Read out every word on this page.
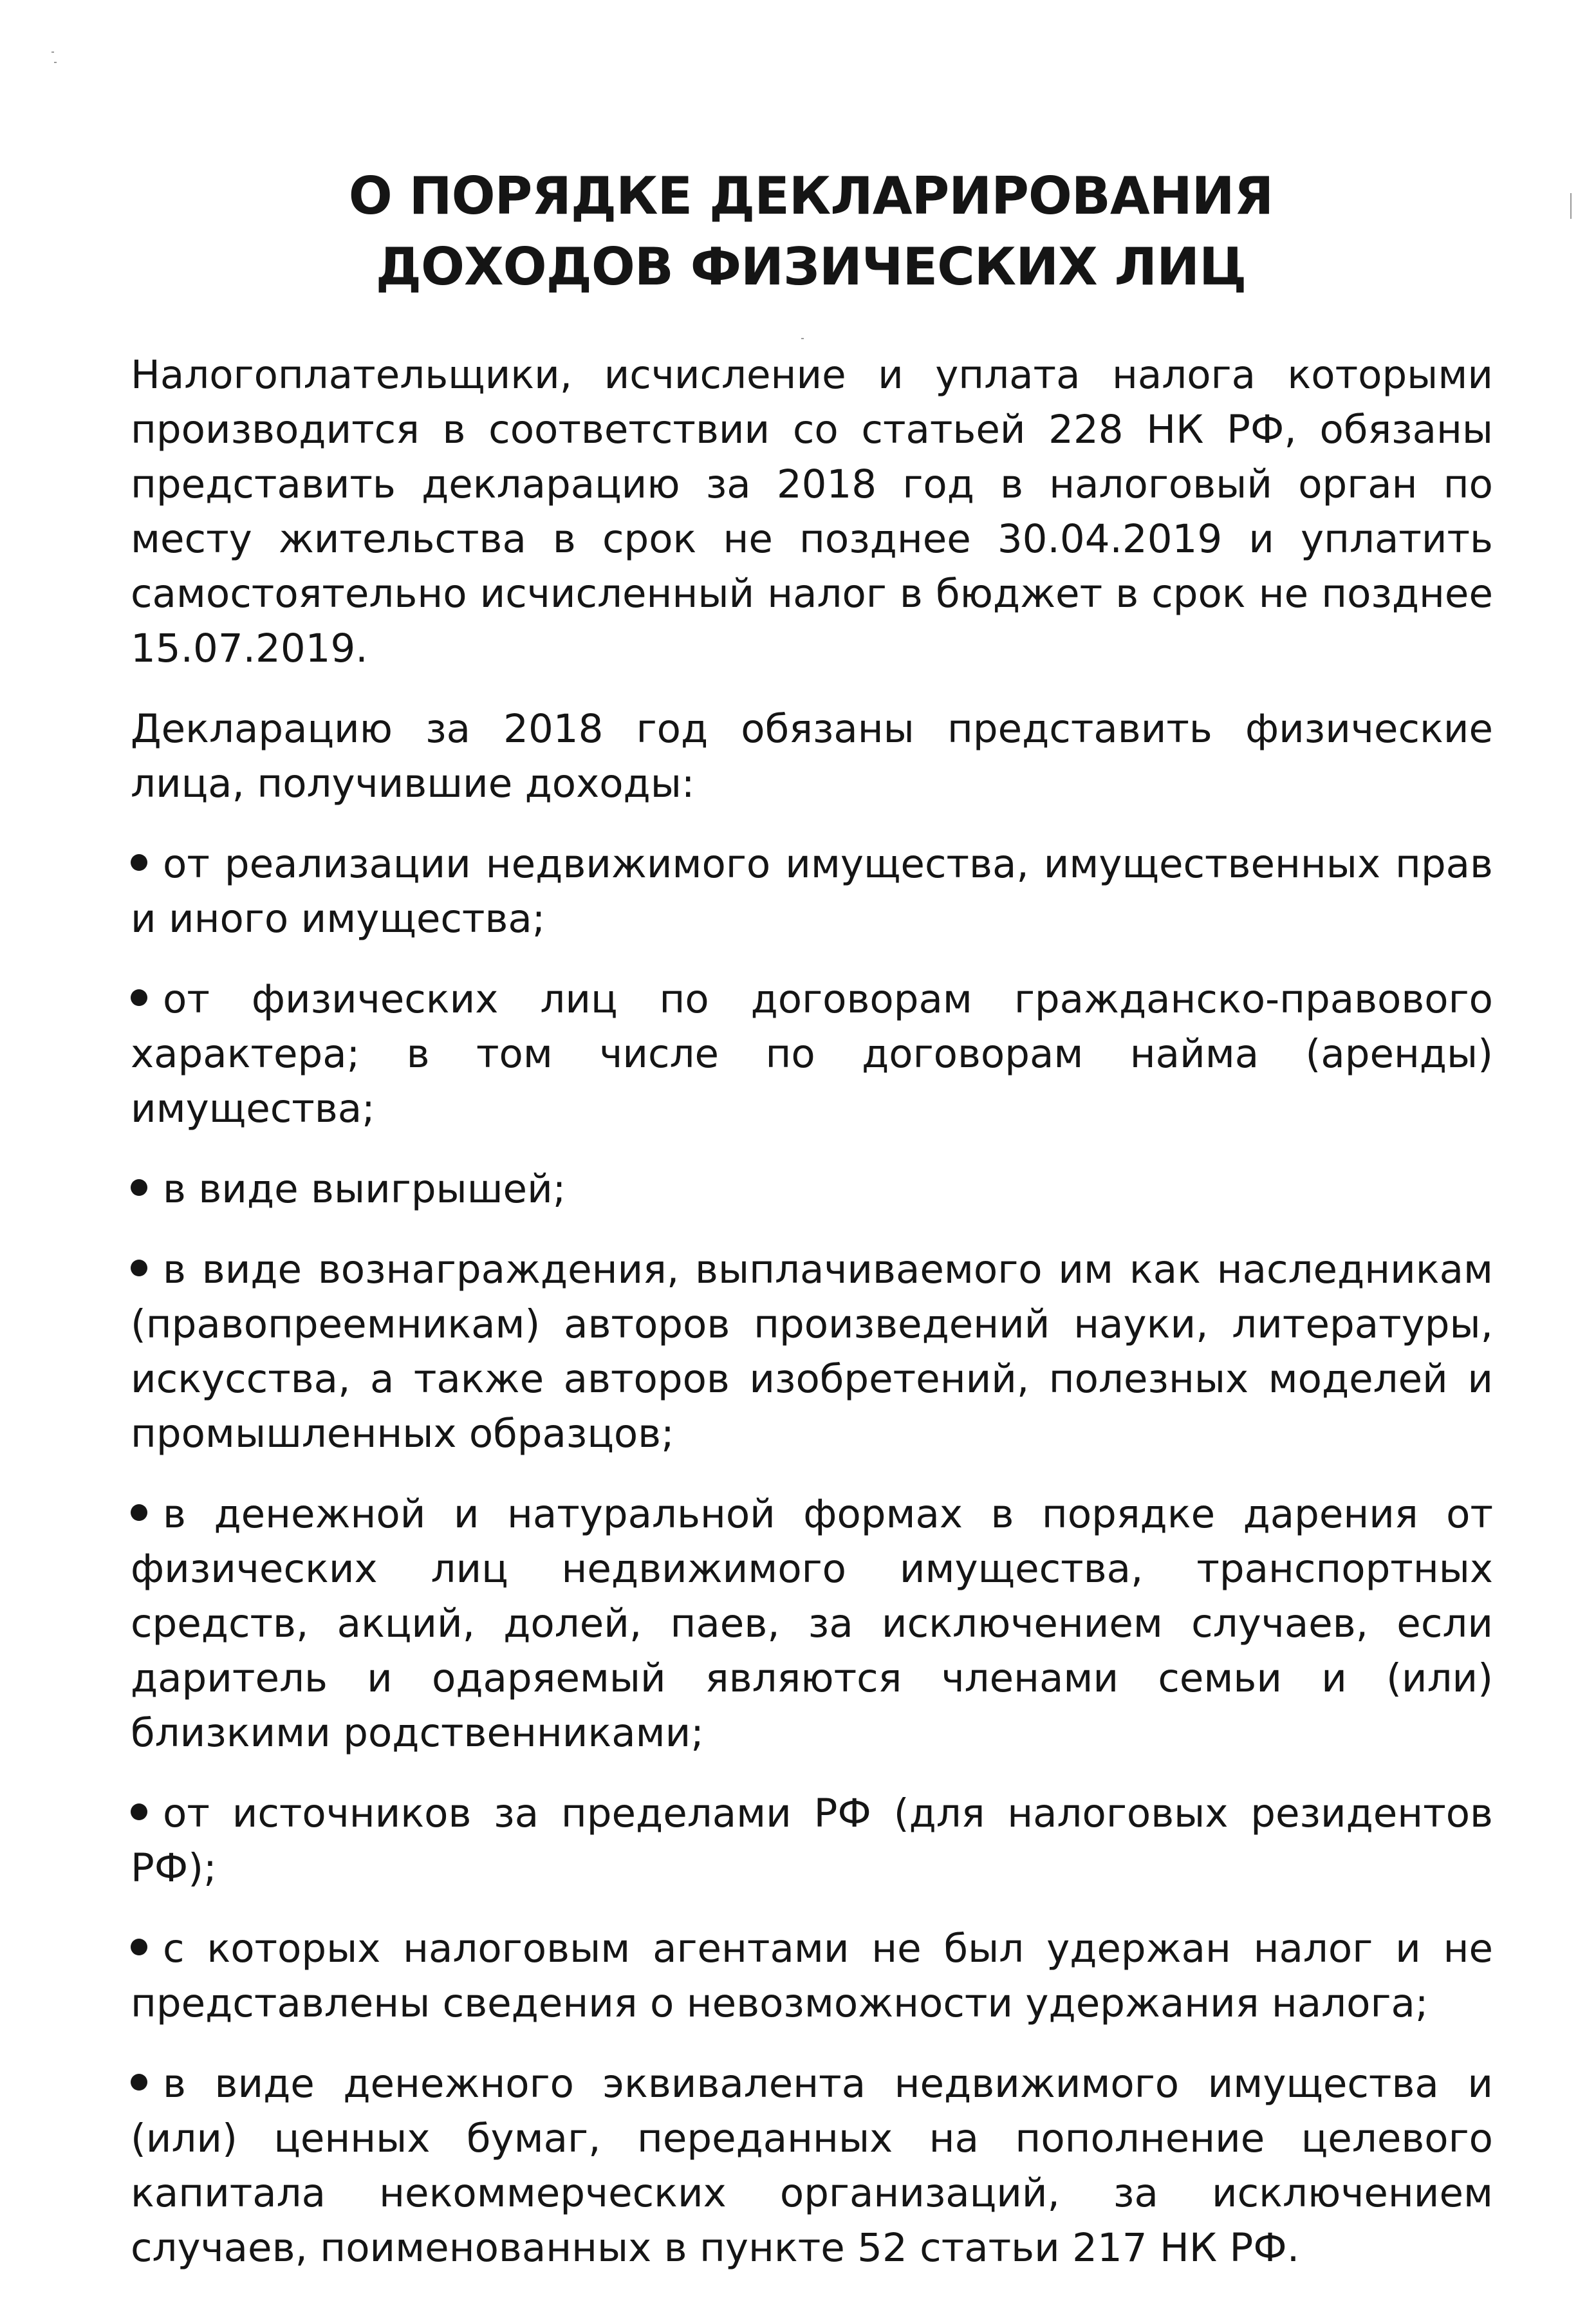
О ПОРЯДКЕ ДЕКЛАРИРОВАНИЯ
ДОХОДОВ ФИЗИЧЕСКИХ ЛИЦ

Налогоплательщики, исчисление и уплата налога которыми производится в соответствии со статьей 228 НК РФ, обязаны представить декларацию за 2018 год в налоговый орган по месту жительства в срок не позднее 30.04.2019 и уплатить самостоятельно исчисленный налог в бюджет в срок не позднее 15.07.2019.

Декларацию за 2018 год обязаны представить физические лица, получившие доходы:

от реализации недвижимого имущества, имущественных прав и иного имущества;
от физических лиц по договорам гражданско-правового характера; в том числе по договорам найма (аренды) имущества;
в виде выигрышей;
в виде вознаграждения, выплачиваемого им как наследникам (правопреемникам) авторов произведений науки, литературы, искусства, а также авторов изобретений, полезных моделей и промышленных образцов;
в денежной и натуральной формах в порядке дарения от физических лиц недвижимого имущества, транспортных средств, акций, долей, паев, за исключением случаев, если даритель и одаряемый являются членами семьи и (или) близкими родственниками;
от источников за пределами РФ (для налоговых резидентов РФ);
с которых налоговым агентами не был удержан налог и не представлены сведения о невозможности удержания налога;
в виде денежного эквивалента недвижимого имущества и (или) ценных бумаг, переданных на пополнение целевого капитала некоммерческих организаций, за исключением случаев, поименованных в пункте 52 статьи 217 НК РФ.
